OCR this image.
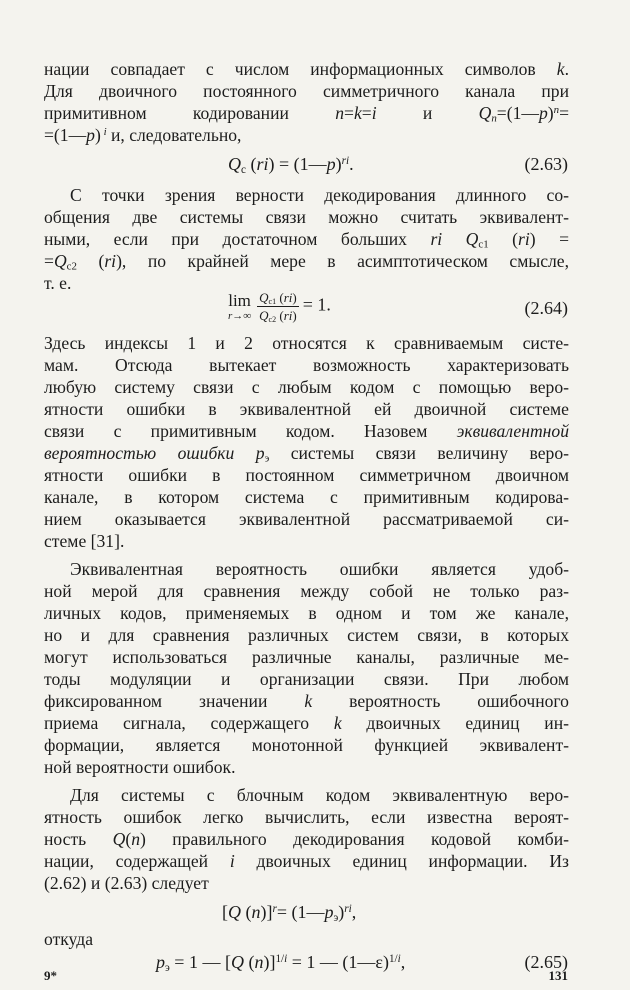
нации совпадает с числом информационных символов k.
Для двоичного постоянного симметричного канала при
примитивном кодировании n=k=i и $Q_n=(1—p)^n=$
=(1—p) $^i$ и, следовательно,
$Q_c$ (ri) = (1—p)$^{ri}$.	(2.63)
С точки зрения верности декодирования длинного со-
общения две системы связи можно считать эквивалент-
ными, если при достаточном больших ri $Q_{c1}$ (ri) =
$=Q_{c2}$ (ri), по крайней мере в асимптотическом смысле,
т. е.
lim
$r\to\infty \frac{Q_{c1} (ri)}{Q_{c2} (ri)} = 1$.	(2.64)
Здесь индексы 1 и 2 относятся к сравниваемым систе-
мам. Отсюда вытекает возможность характеризовать
любую систему связи с любым кодом с помощью веро-
ятности ошибки в эквивалентной ей двоичной системе
связи с примитивным кодом. Назовем эквивалентной
вероятностью ошибки $p_э$ системы связи величину веро-
ятности ошибки в постоянном симметричном двоичном
канале, в котором система с примитивным кодирова-
нием оказывается эквивалентной рассматриваемой си-
стеме [31].
Эквивалентная вероятность ошибки является удоб-
ной мерой для сравнения между собой не только раз-
личных кодов, применяемых в одном и том же канале,
но и для сравнения различных систем связи, в которых
могут использоваться различные каналы, различные ме-
тоды модуляции и организации связи. При любом
фиксированном значении k вероятность ошибочного
приема сигнала, содержащего k двоичных единиц ин-
формации, является монотонной функцией эквивалент-
ной вероятности ошибок.
Для системы с блочным кодом эквивалентную веро-
ятность ошибок легко вычислить, если известна вероят-
ность Q(n) правильного декодирования кодовой комби-
нации, содержащей i двоичных единиц информации. Из
(2.62) и (2.63) следует
[Q $(n)]^r= (1—p_э)^{ri}$,
откуда
$p_э = 1$ — [Q (n)]$^{1/i}$ = 1 — (1—ε)$^{1/i}$,	(2.65)
9*	131
